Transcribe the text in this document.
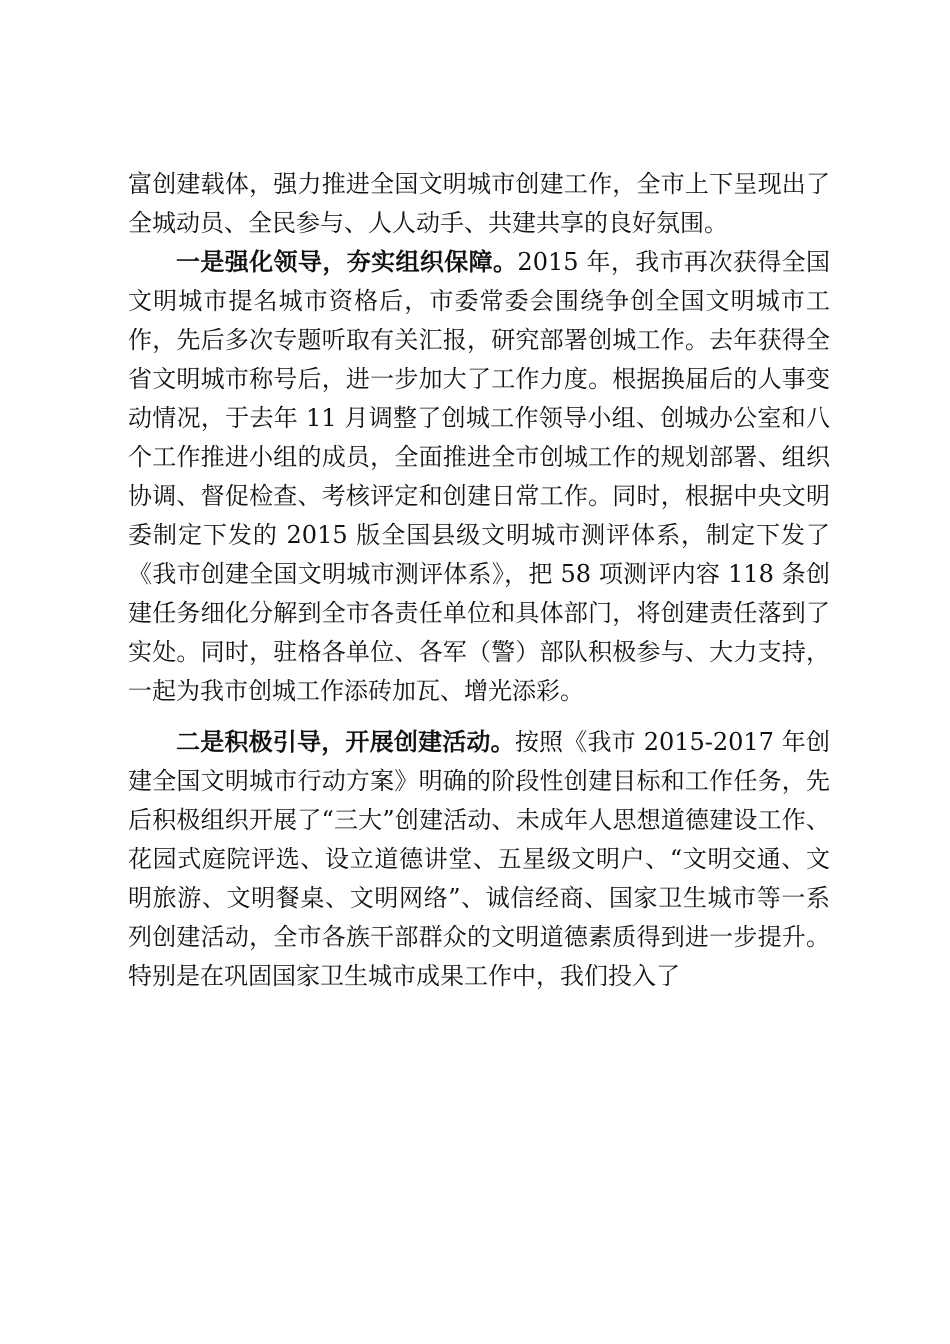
富创建载体，强力推进全国文明城市创建工作，全市上下呈现出了全城动员、全民参与、人人动手、共建共享的良好氛围。

一是强化领导，夯实组织保障。2015 年，我市再次获得全国文明城市提名城市资格后，市委常委会围绕争创全国文明城市工作，先后多次专题听取有关汇报，研究部署创城工作。去年获得全省文明城市称号后，进一步加大了工作力度。根据换届后的人事变动情况，于去年 11 月调整了创城工作领导小组、创城办公室和八个工作推进小组的成员，全面推进全市创城工作的规划部署、组织协调、督促检查、考核评定和创建日常工作。同时，根据中央文明委制定下发的 2015 版全国县级文明城市测评体系，制定下发了《我市创建全国文明城市测评体系》，把 58 项测评内容 118 条创建任务细化分解到全市各责任单位和具体部门，将创建责任落到了实处。同时，驻格各单位、各军（警）部队积极参与、大力支持，一起为我市创城工作添砖加瓦、增光添彩。

二是积极引导，开展创建活动。按照《我市 2015-2017 年创建全国文明城市行动方案》明确的阶段性创建目标和工作任务，先后积极组织开展了“三大”创建活动、未成年人思想道德建设工作、花园式庭院评选、设立道德讲堂、五星级文明户、“文明交通、文明旅游、文明餐桌、文明网络”、诚信经商、国家卫生城市等一系列创建活动，全市各族干部群众的文明道德素质得到进一步提升。特别是在巩固国家卫生城市成果工作中，我们投入了
